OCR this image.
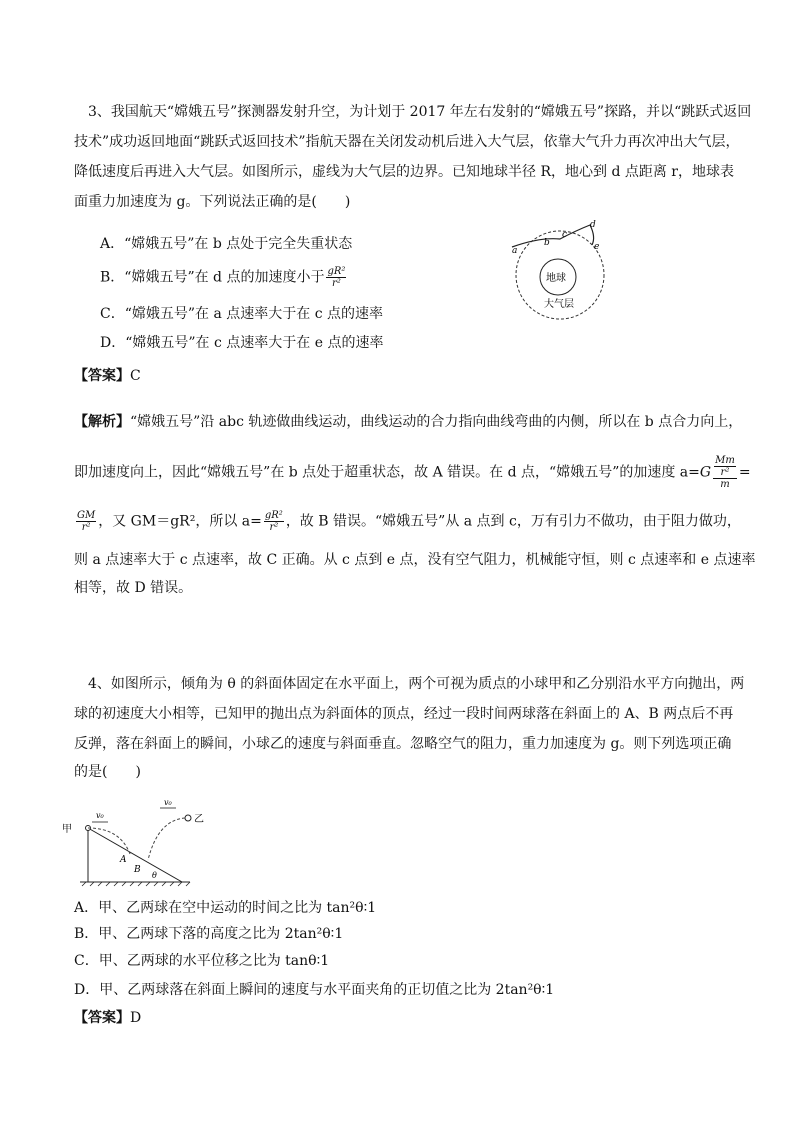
3、我国航天“嫦娥五号”探测器发射升空，为计划于 2017 年左右发射的“嫦娥五号”探路，并以“跳跃式返回
技术”成功返回地面“跳跃式返回技术”指航天器在关闭发动机后进入大气层，依靠大气升力再次冲出大气层，
降低速度后再进入大气层。如图所示，虚线为大气层的边界。已知地球半径 R，地心到 d 点距离 r，地球表
面重力加速度为 g。下列说法正确的是(　　)
A．“嫦娥五号”在 b 点处于完全失重状态
B．“嫦娥五号”在 d 点的加速度小于 $\frac{\text{gR²}}{\text{r²}}$
C．“嫦娥五号”在 a 点速率大于在 c 点的速率
D．“嫦娥五号”在 c 点速率大于在 e 点的速率
地球
大气层
a
b
c
d
e
【答案】C
【解析】“嫦娥五号”沿 abc 轨迹做曲线运动，曲线运动的合力指向曲线弯曲的内侧，所以在 b 点合力向上，
即加速度向上，因此“嫦娥五号”在 b 点处于超重状态，故 A 错误。在 d 点，“嫦娥五号”的加速度 $a=G \frac{\frac{Mm}{\text{r²}}}{m}$ =
$\frac{GM}{\text{r²}}$ ，又 GM＝gR²，所以 $a= \frac{\text{gR²}}{\text{r²}}$ ，故 B 错误。“嫦娥五号”从 a 点到 c，万有引力不做功，由于阻力做功，
则 a 点速率大于 c 点速率，故 C 正确。从 c 点到 e 点，没有空气阻力，机械能守恒，则 c 点速率和 e 点速率
相等，故 D 错误。
4、如图所示，倾角为 θ 的斜面体固定在水平面上，两个可视为质点的小球甲和乙分别沿水平方向抛出，两
球的初速度大小相等，已知甲的抛出点为斜面体的顶点，经过一段时间两球落在斜面上的 A、B 两点后不再
反弹，落在斜面上的瞬间，小球乙的速度与斜面垂直。忽略空气的阻力，重力加速度为 g。则下列选项正确
的是(　　)
甲
乙
v₀
v₀
A
B
θ
A．甲、乙两球在空中运动的时间之比为 tan²θ∶1
B．甲、乙两球下落的高度之比为 2tan²θ∶1
C．甲、乙两球的水平位移之比为 tanθ∶1
D．甲、乙两球落在斜面上瞬间的速度与水平面夹角的正切值之比为 2tan²θ∶1
【答案】D
